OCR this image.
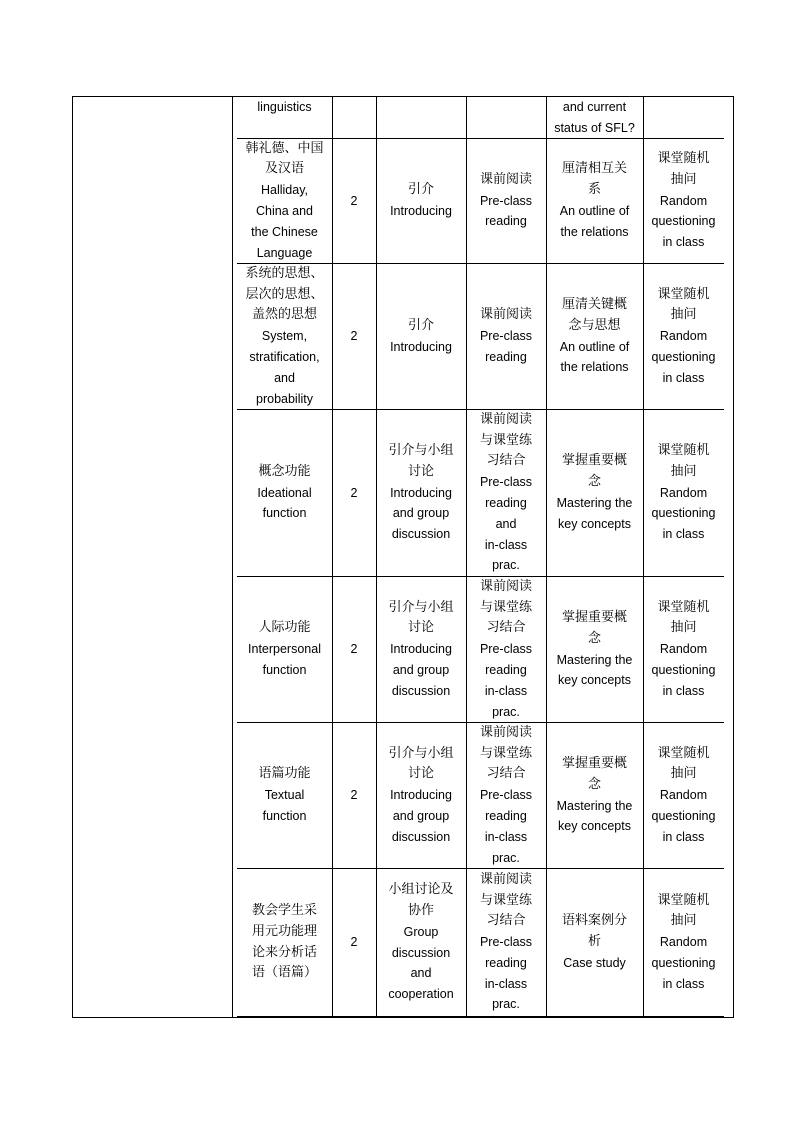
linguistics	and current
status of SFL?
韩礼德、中国
及汉语
Halliday,
China and
the Chinese
Language
2
引介
Introducing
课前阅读
Pre-class
reading
厘清相互关
系
An outline of
the relations
课堂随机
抽问
Random
questioning
in class
系统的思想、
层次的思想、
盖然的思想
System,
stratification,
and
probability
2
引介
Introducing
课前阅读
Pre-class
reading
厘清关键概
念与思想
An outline of
the relations
课堂随机
抽问
Random
questioning
in class
概念功能
Ideational
function
2
引介与小组
讨论
Introducing
and group
discussion
课前阅读
与课堂练
习结合
Pre-class
reading
and
in-class
prac.
掌握重要概
念
Mastering the
key concepts
课堂随机
抽问
Random
questioning
in class
人际功能
Interpersonal
function
2
引介与小组
讨论
Introducing
and group
discussion
课前阅读
与课堂练
习结合
Pre-class
reading
in-class
prac.
掌握重要概
念
Mastering the
key concepts
课堂随机
抽问
Random
questioning
in class
语篇功能
Textual
function
2
引介与小组
讨论
Introducing
and group
discussion
课前阅读
与课堂练
习结合
Pre-class
reading
in-class
prac.
掌握重要概
念
Mastering the
key concepts
课堂随机
抽问
Random
questioning
in class
教会学生采
用元功能理
论来分析话
语（语篇）
2
小组讨论及
协作
Group
discussion
and
cooperation
课前阅读
与课堂练
习结合
Pre-class
reading
in-class
prac.
语料案例分
析
Case study
课堂随机
抽问
Random
questioning
in class
